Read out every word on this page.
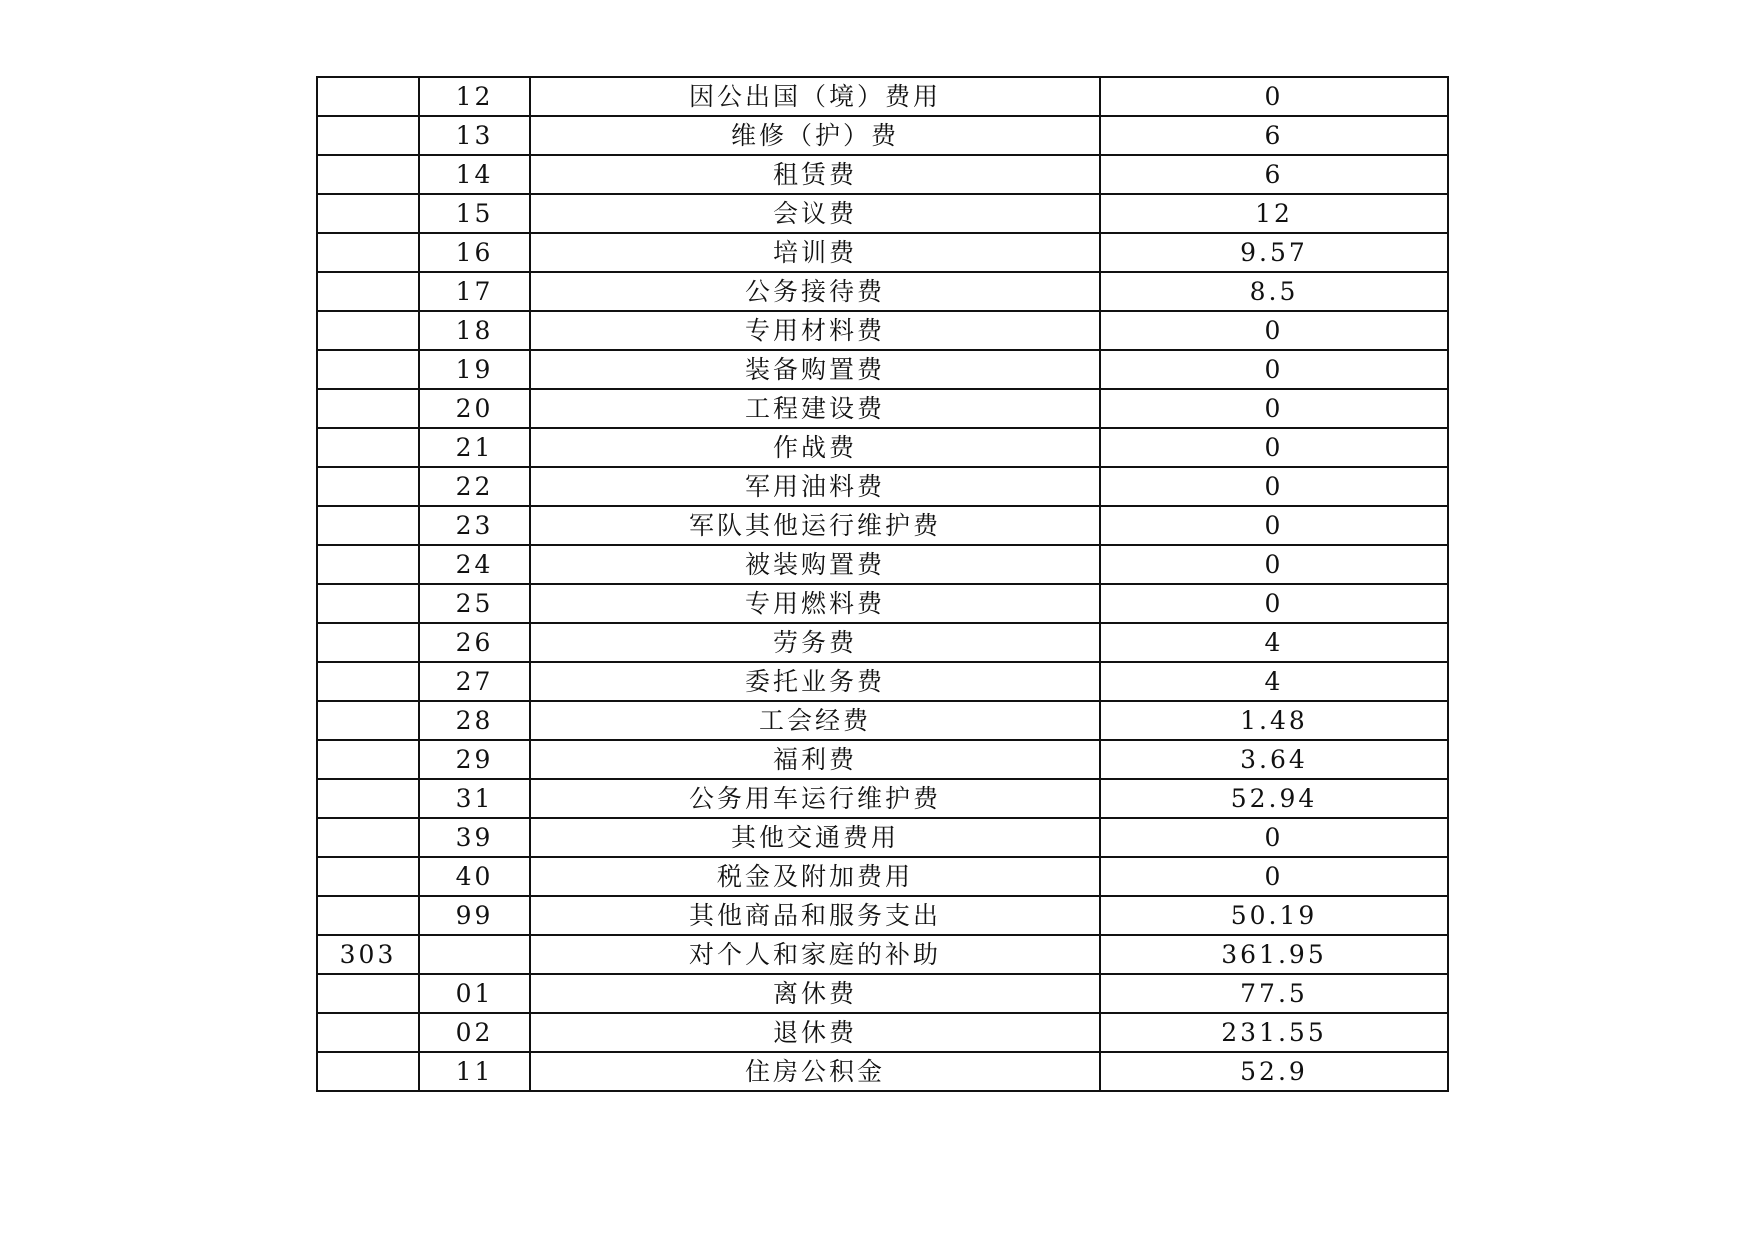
	12	因公出国（境）费用	0
	13	维修（护）费	6
	14	租赁费	6
	15	会议费	12
	16	培训费	9.57
	17	公务接待费	8.5
	18	专用材料费	0
	19	装备购置费	0
	20	工程建设费	0
	21	作战费	0
	22	军用油料费	0
	23	军队其他运行维护费	0
	24	被装购置费	0
	25	专用燃料费	0
	26	劳务费	4
	27	委托业务费	4
	28	工会经费	1.48
	29	福利费	3.64
	31	公务用车运行维护费	52.94
	39	其他交通费用	0
	40	税金及附加费用	0
	99	其他商品和服务支出	50.19
303		对个人和家庭的补助	361.95
	01	离休费	77.5
	02	退休费	231.55
	11	住房公积金	52.9
